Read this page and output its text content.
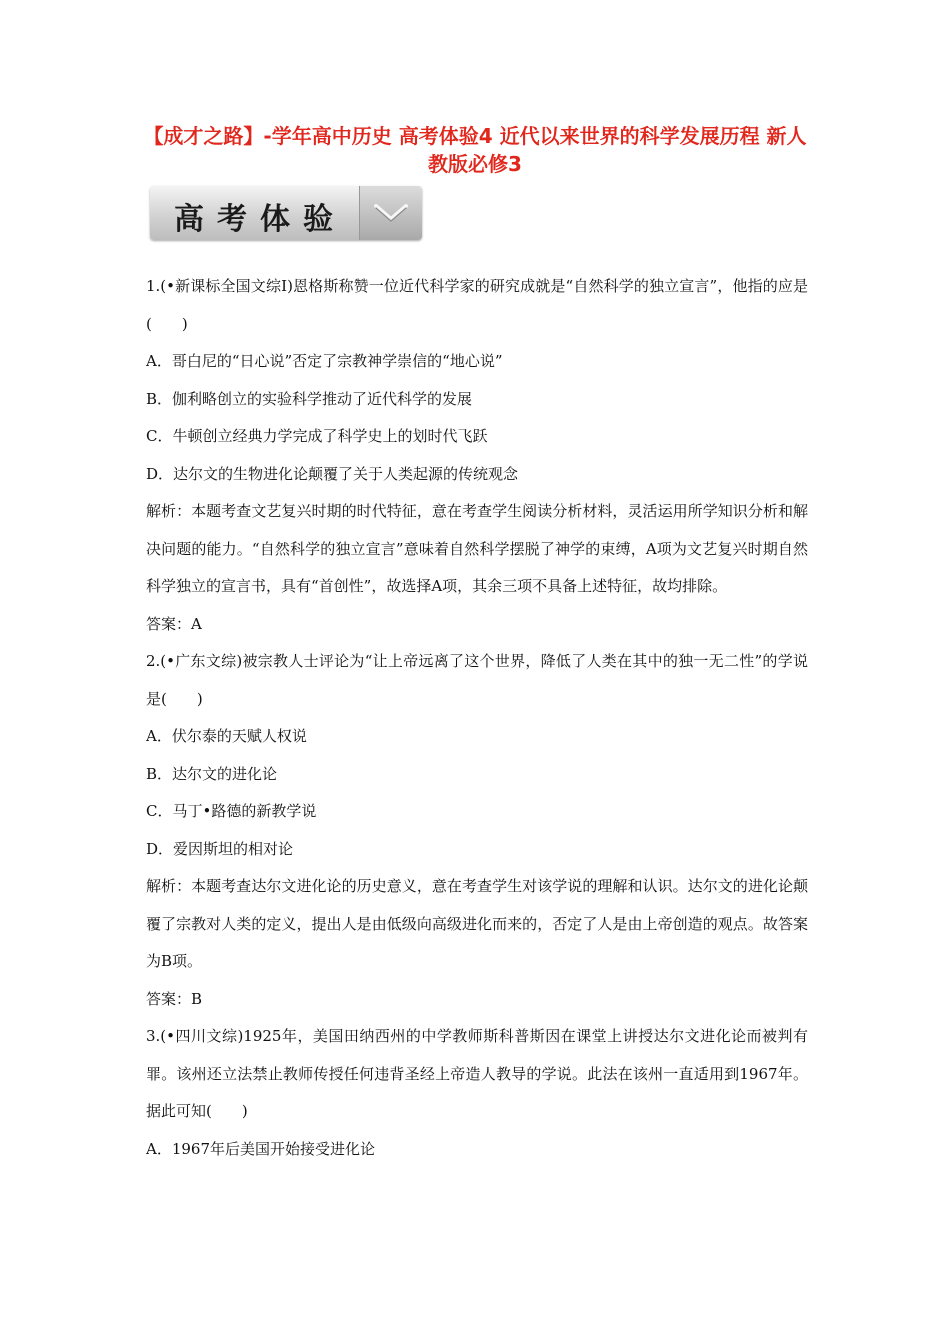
【成才之路】-学年高中历史 高考体验4 近代以来世界的科学发展历程 新人教版必修3
高考体验
1.(•新课标全国文综Ⅰ)恩格斯称赞一位近代科学家的研究成就是“自然科学的独立宣言”，他指的应是(　　)
A．哥白尼的“日心说”否定了宗教神学崇信的“地心说”
B．伽利略创立的实验科学推动了近代科学的发展
C．牛顿创立经典力学完成了科学史上的划时代飞跃
D．达尔文的生物进化论颠覆了关于人类起源的传统观念
解析：本题考查文艺复兴时期的时代特征，意在考查学生阅读分析材料，灵活运用所学知识分析和解决问题的能力。“自然科学的独立宣言”意味着自然科学摆脱了神学的束缚，A项为文艺复兴时期自然科学独立的宣言书，具有“首创性”，故选择A项，其余三项不具备上述特征，故均排除。
答案：A
2.(•广东文综)被宗教人士评论为“让上帝远离了这个世界，降低了人类在其中的独一无二性”的学说是(　　)
A．伏尔泰的天赋人权说
B．达尔文的进化论
C．马丁•路德的新教学说
D．爱因斯坦的相对论
解析：本题考查达尔文进化论的历史意义，意在考查学生对该学说的理解和认识。达尔文的进化论颠覆了宗教对人类的定义，提出人是由低级向高级进化而来的，否定了人是由上帝创造的观点。故答案为B项。
答案：B
3.(•四川文综)1925年，美国田纳西州的中学教师斯科普斯因在课堂上讲授达尔文进化论而被判有罪。该州还立法禁止教师传授任何违背圣经上帝造人教导的学说。此法在该州一直适用到1967年。据此可知(　　)
A．1967年后美国开始接受进化论
